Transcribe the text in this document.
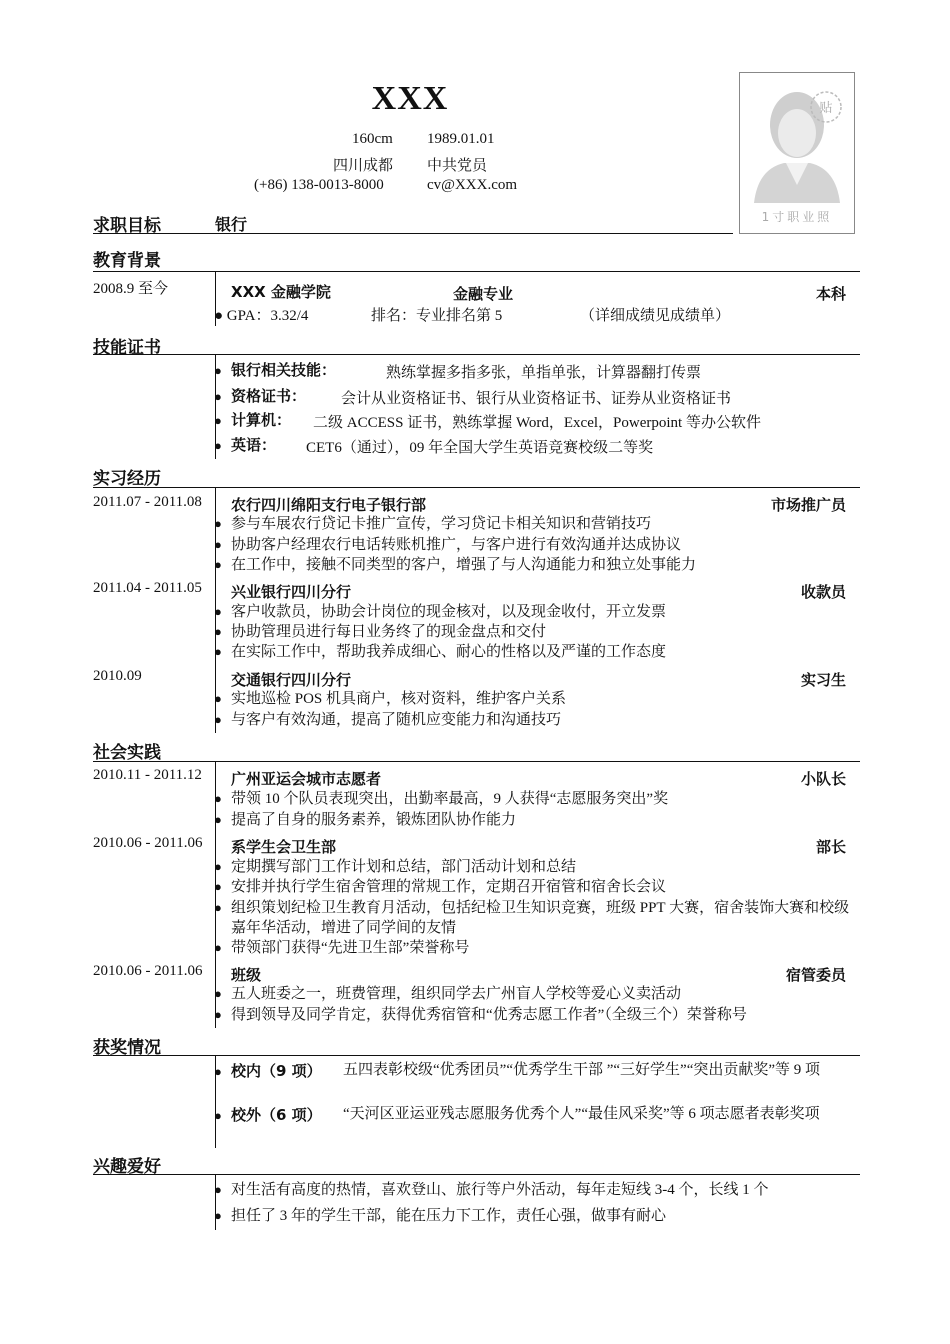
XXX
160cm 1989.01.01
四川成都 中共党员
(+86) 138-0013-8000	cv@XXX.com
贴
1寸职业照
求职目标	银行
教育背景
2008.9 至今	XXX 金融学院	金融专业	本科
● GPA：3.32/4	排名：专业排名第 5	（详细成绩见成绩单）
技能证书
● 银行相关技能：	熟练掌握多指多张，单指单张，计算器翻打传票
● 资格证书： 会计从业资格证书、银行从业资格证书、证券从业资格证书
● 计算机： 二级 ACCESS 证书，熟练掌握 Word，Excel，Powerpoint 等办公软件
● 英语： CET6（通过），09 年全国大学生英语竞赛校级二等奖
实习经历
2011.07 - 2011.08 农行四川绵阳支行电子银行部	市场推广员
● 参与车展农行贷记卡推广宣传，学习贷记卡相关知识和营销技巧
● 协助客户经理农行电话转账机推广，与客户进行有效沟通并达成协议
● 在工作中，接触不同类型的客户，增强了与人沟通能力和独立处事能力
2011.04 - 2011.05 兴业银行四川分行	收款员
● 客户收款员，协助会计岗位的现金核对，以及现金收付，开立发票
● 协助管理员进行每日业务终了的现金盘点和交付
● 在实际工作中，帮助我养成细心、耐心的性格以及严谨的工作态度
2010.09	交通银行四川分行	实习生
● 实地巡检 POS 机具商户，核对资料，维护客户关系
● 与客户有效沟通，提高了随机应变能力和沟通技巧
社会实践
2010.11 - 2011.12 广州亚运会城市志愿者	小队长
● 带领 10 个队员表现突出，出勤率最高，9 人获得“志愿服务突出”奖
● 提高了自身的服务素养，锻炼团队协作能力
2010.06 - 2011.06 系学生会卫生部	部长
● 定期撰写部门工作计划和总结，部门活动计划和总结
● 安排并执行学生宿舍管理的常规工作，定期召开宿管和宿舍长会议
● 组织策划纪检卫生教育月活动，包括纪检卫生知识竞赛，班级 PPT 大赛，宿舍装饰大赛和校级嘉年华活动，增进了同学间的友情
● 带领部门获得“先进卫生部”荣誉称号
2010.06 - 2011.06 班级	宿管委员
● 五人班委之一，班费管理，组织同学去广州盲人学校等爱心义卖活动
● 得到领导及同学肯定，获得优秀宿管和“优秀志愿工作者”（全级三个）荣誉称号
获奖情况
● 校内（9 项） 五四表彰校级“优秀团员”“优秀学生干部 ”“三好学生”“突出贡献奖”等 9 项
● 校外（6 项） “天河区亚运亚残志愿服务优秀个人”“最佳风采奖”等 6 项志愿者表彰奖项
兴趣爱好
● 对生活有高度的热情，喜欢登山、旅行等户外活动，每年走短线 3-4 个，长线 1 个
● 担任了 3 年的学生干部，能在压力下工作，责任心强，做事有耐心
